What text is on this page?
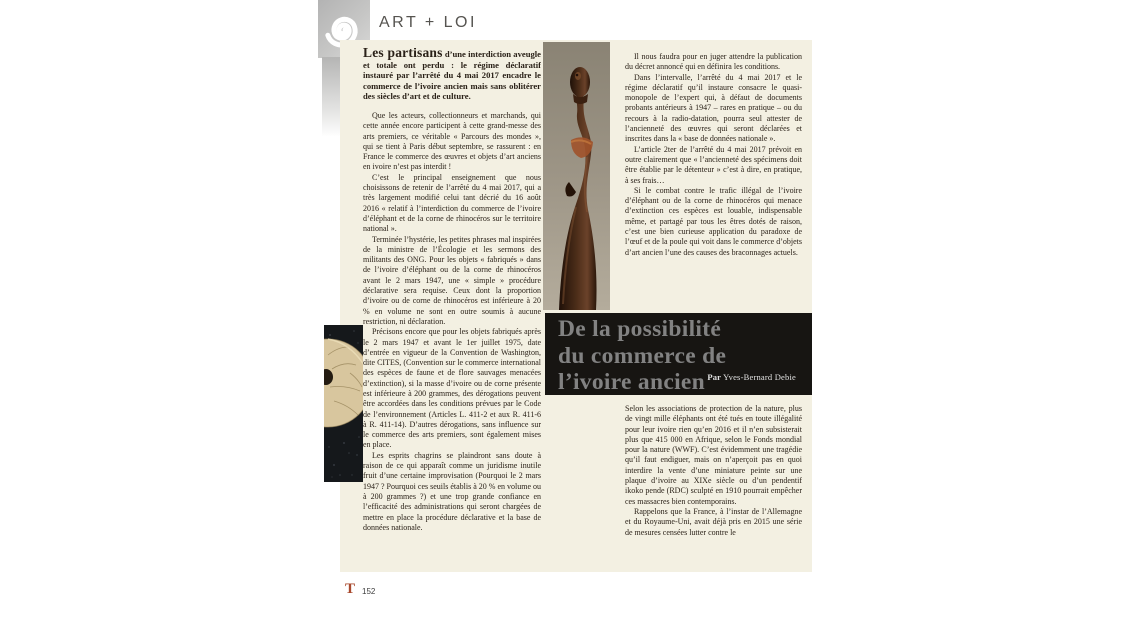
ART + LOI

Les partisans d’une interdiction aveugle et totale ont perdu : le régime déclaratif instauré par l’arrêté du 4 mai 2017 encadre le commerce de l’ivoire ancien mais sans oblitérer des siècles d’art et de culture.

Que les acteurs, collectionneurs et marchands, qui cette année encore participent à cette grand-messe des arts premiers, ce véritable « Parcours des mondes », qui se tient à Paris début septembre, se rassurent : en France le commerce des œuvres et objets d’art anciens en ivoire n’est pas interdit !

C’est le principal enseignement que nous choisissons de retenir de l’arrêté du 4 mai 2017, qui a très largement modifié celui tant décrié du 16 août 2016 « relatif à l’interdiction du commerce de l’ivoire d’éléphant et de la corne de rhinocéros sur le territoire national ».

Terminée l’hystérie, les petites phrases mal inspirées de la ministre de l’Écologie et les sermons des militants des ONG. Pour les objets « fabriqués » dans de l’ivoire d’éléphant ou de la corne de rhinocéros avant le 2 mars 1947, une « simple » procédure déclarative sera requise. Ceux dont la proportion d’ivoire ou de corne de rhinocéros est inférieure à 20 % en volume ne sont en outre soumis à aucune restriction, ni déclaration.

Précisons encore que pour les objets fabriqués après le 2 mars 1947 et avant le 1er juillet 1975, date d’entrée en vigueur de la Convention de Washington, dite CITES, (Convention sur le commerce international des espèces de faune et de flore sauvages menacées d’extinction), si la masse d’ivoire ou de corne présente est inférieure à 200 grammes, des dérogations peuvent être accordées dans les conditions prévues par le Code de l’environnement (Articles L. 411-2 et aux R. 411-6 à R. 411-14). D’autres dérogations, sans influence sur le commerce des arts premiers, sont également mises en place.

Les esprits chagrins se plaindront sans doute à raison de ce qui apparaît comme un juridisme inutile fruit d’une certaine improvisation (Pourquoi le 2 mars 1947 ? Pourquoi ces seuils établis à 20 % en volume ou à 200 grammes ?) et une trop grande confiance en l’efficacité des administrations qui seront chargées de mettre en place la procédure déclarative et la base de données nationale.

Il nous faudra pour en juger attendre la publication du décret annoncé qui en définira les conditions.

Dans l’intervalle, l’arrêté du 4 mai 2017 et le régime déclaratif qu’il instaure consacre le quasi-monopole de l’expert qui, à défaut de documents probants antérieurs à 1947 – rares en pratique – ou du recours à la radio-datation, pourra seul attester de l’ancienneté des œuvres qui seront déclarées et inscrites dans la « base de données nationale ».

L’article 2ter de l’arrêté du 4 mai 2017 prévoit en outre clairement que « l’ancienneté des spécimens doit être établie par le détenteur » c’est à dire, en pratique, à ses frais…

Si le combat contre le trafic illégal de l’ivoire d’éléphant ou de la corne de rhinocéros qui menace d’extinction ces espèces est louable, indispensable même, et partagé par tous les êtres dotés de raison, c’est une bien curieuse application du paradoxe de l’œuf et de la poule qui voit dans le commerce d’objets d’art ancien l’une des causes des braconnages actuels.

De la possibilité
du commerce de
l’ivoire ancien Par Yves-Bernard Debie

Selon les associations de protection de la nature, plus de vingt mille éléphants ont été tués en toute illégalité pour leur ivoire rien qu’en 2016 et il n’en subsisterait plus que 415 000 en Afrique, selon le Fonds mondial pour la nature (WWF). C’est évidemment une tragédie qu’il faut endiguer, mais on n’aperçoit pas en quoi interdire la vente d’une miniature peinte sur une plaque d’ivoire au XIXe siècle ou d’un pendentif ikoko pende (RDC) sculpté en 1910 pourrait empêcher ces massacres bien contemporains.

Rappelons que la France, à l’instar de l’Allemagne et du Royaume-Uni, avait déjà pris en 2015 une série de mesures censées lutter contre le

T 152
